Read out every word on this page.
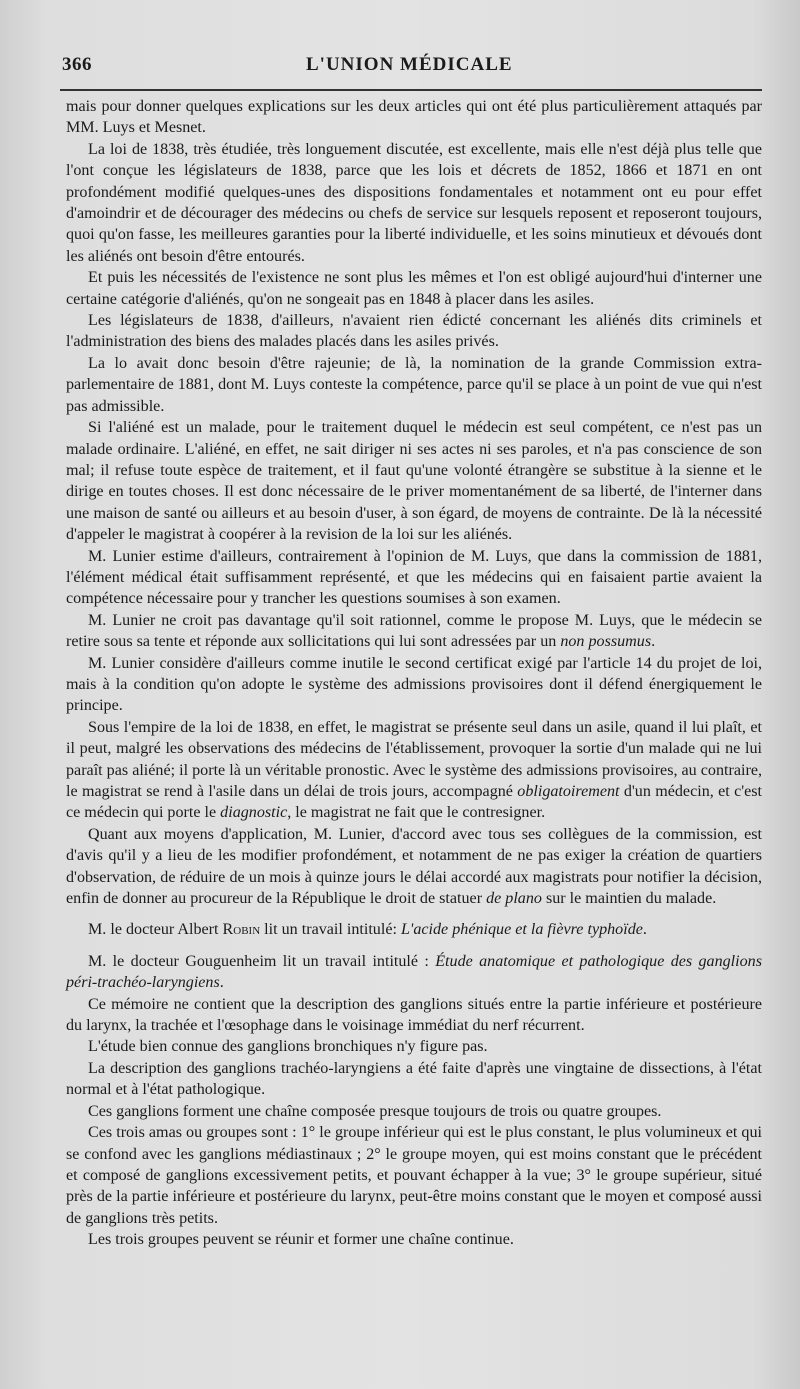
366	L'UNION MÉDICALE

mais pour donner quelques explications sur les deux articles qui ont été plus particulièrement attaqués par MM. Luys et Mesnet.

La loi de 1838, très étudiée, très longuement discutée, est excellente, mais elle n'est déjà plus telle que l'ont conçue les législateurs de 1838, parce que les lois et décrets de 1852, 1866 et 1871 en ont profondément modifié quelques-unes des dispositions fondamentales et notamment ont eu pour effet d'amoindrir et de décourager des médecins ou chefs de service sur lesquels reposent et reposeront toujours, quoi qu'on fasse, les meilleures garanties pour la liberté individuelle, et les soins minutieux et dévoués dont les aliénés ont besoin d'être entourés.

Et puis les nécessités de l'existence ne sont plus les mêmes et l'on est obligé aujourd'hui d'interner une certaine catégorie d'aliénés, qu'on ne songeait pas en 1848 à placer dans les asiles.

Les législateurs de 1838, d'ailleurs, n'avaient rien édicté concernant les aliénés dits criminels et l'administration des biens des malades placés dans les asiles privés.

La lo avait donc besoin d'être rajeunie; de là, la nomination de la grande Commission extra-parlementaire de 1881, dont M. Luys conteste la compétence, parce qu'il se place à un point de vue qui n'est pas admissible.

Si l'aliéné est un malade, pour le traitement duquel le médecin est seul compétent, ce n'est pas un malade ordinaire. L'aliéné, en effet, ne sait diriger ni ses actes ni ses paroles, et n'a pas conscience de son mal; il refuse toute espèce de traitement, et il faut qu'une volonté étrangère se substitue à la sienne et le dirige en toutes choses. Il est donc nécessaire de le priver momentanément de sa liberté, de l'interner dans une maison de santé ou ailleurs et au besoin d'user, à son égard, de moyens de contrainte. De là la nécessité d'appeler le magistrat à coopérer à la revision de la loi sur les aliénés.

M. Lunier estime d'ailleurs, contrairement à l'opinion de M. Luys, que dans la commission de 1881, l'élément médical était suffisamment représenté, et que les médecins qui en faisaient partie avaient la compétence nécessaire pour y trancher les questions soumises à son examen.

M. Lunier ne croit pas davantage qu'il soit rationnel, comme le propose M. Luys, que le médecin se retire sous sa tente et réponde aux sollicitations qui lui sont adressées par un non possumus.

M. Lunier considère d'ailleurs comme inutile le second certificat exigé par l'article 14 du projet de loi, mais à la condition qu'on adopte le système des admissions provisoires dont il défend énergiquement le principe.

Sous l'empire de la loi de 1838, en effet, le magistrat se présente seul dans un asile, quand il lui plaît, et il peut, malgré les observations des médecins de l'établissement, provoquer la sortie d'un malade qui ne lui paraît pas aliéné; il porte là un véritable pronostic. Avec le système des admissions provisoires, au contraire, le magistrat se rend à l'asile dans un délai de trois jours, accompagné obligatoirement d'un médecin, et c'est ce médecin qui porte le diagnostic, le magistrat ne fait que le contresigner.

Quant aux moyens d'application, M. Lunier, d'accord avec tous ses collègues de la commission, est d'avis qu'il y a lieu de les modifier profondément, et notamment de ne pas exiger la création de quartiers d'observation, de réduire de un mois à quinze jours le délai accordé aux magistrats pour notifier la décision, enfin de donner au procureur de la République le droit de statuer de plano sur le maintien du malade.

M. le docteur Albert Robin lit un travail intitulé: L'acide phénique et la fièvre typhoïde.

M. le docteur Gouguenheim lit un travail intitulé : Étude anatomique et pathologique des ganglions péri-trachéo-laryngiens.

Ce mémoire ne contient que la description des ganglions situés entre la partie inférieure et postérieure du larynx, la trachée et l'œsophage dans le voisinage immédiat du nerf récurrent.

L'étude bien connue des ganglions bronchiques n'y figure pas.

La description des ganglions trachéo-laryngiens a été faite d'après une vingtaine de dissections, à l'état normal et à l'état pathologique.

Ces ganglions forment une chaîne composée presque toujours de trois ou quatre groupes.

Ces trois amas ou groupes sont : 1° le groupe inférieur qui est le plus constant, le plus volumineux et qui se confond avec les ganglions médiastinaux ; 2° le groupe moyen, qui est moins constant que le précédent et composé de ganglions excessivement petits, et pouvant échapper à la vue; 3° le groupe supérieur, situé près de la partie inférieure et postérieure du larynx, peut-être moins constant que le moyen et composé aussi de ganglions très petits.

Les trois groupes peuvent se réunir et former une chaîne continue.
